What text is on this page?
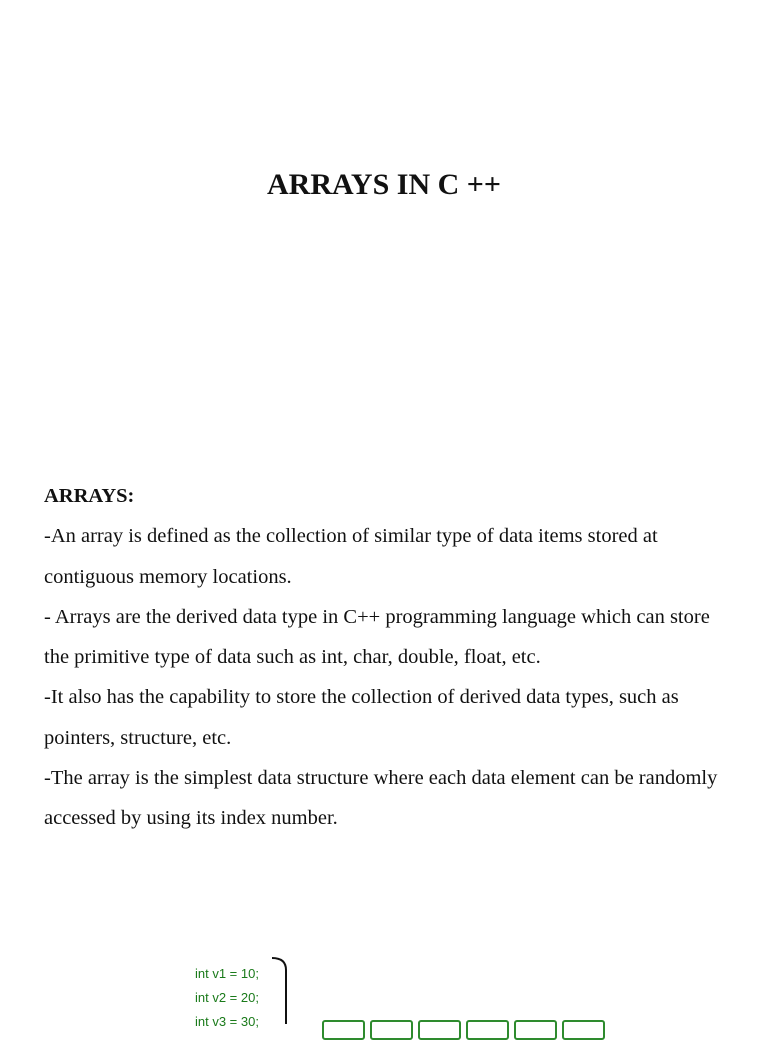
ARRAYS IN C ++

ARRAYS:

-An array is defined as the collection of similar type of data items stored at contiguous memory locations.

- Arrays are the derived data type in C++ programming language which can store the primitive type of data such as int, char, double, float, etc.

-It also has the capability to store the collection of derived data types, such as pointers, structure, etc.

-The array is the simplest data structure where each data element can be randomly accessed by using its index number.

int v1 = 10;
int v2 = 20;
int v3 = 30;
